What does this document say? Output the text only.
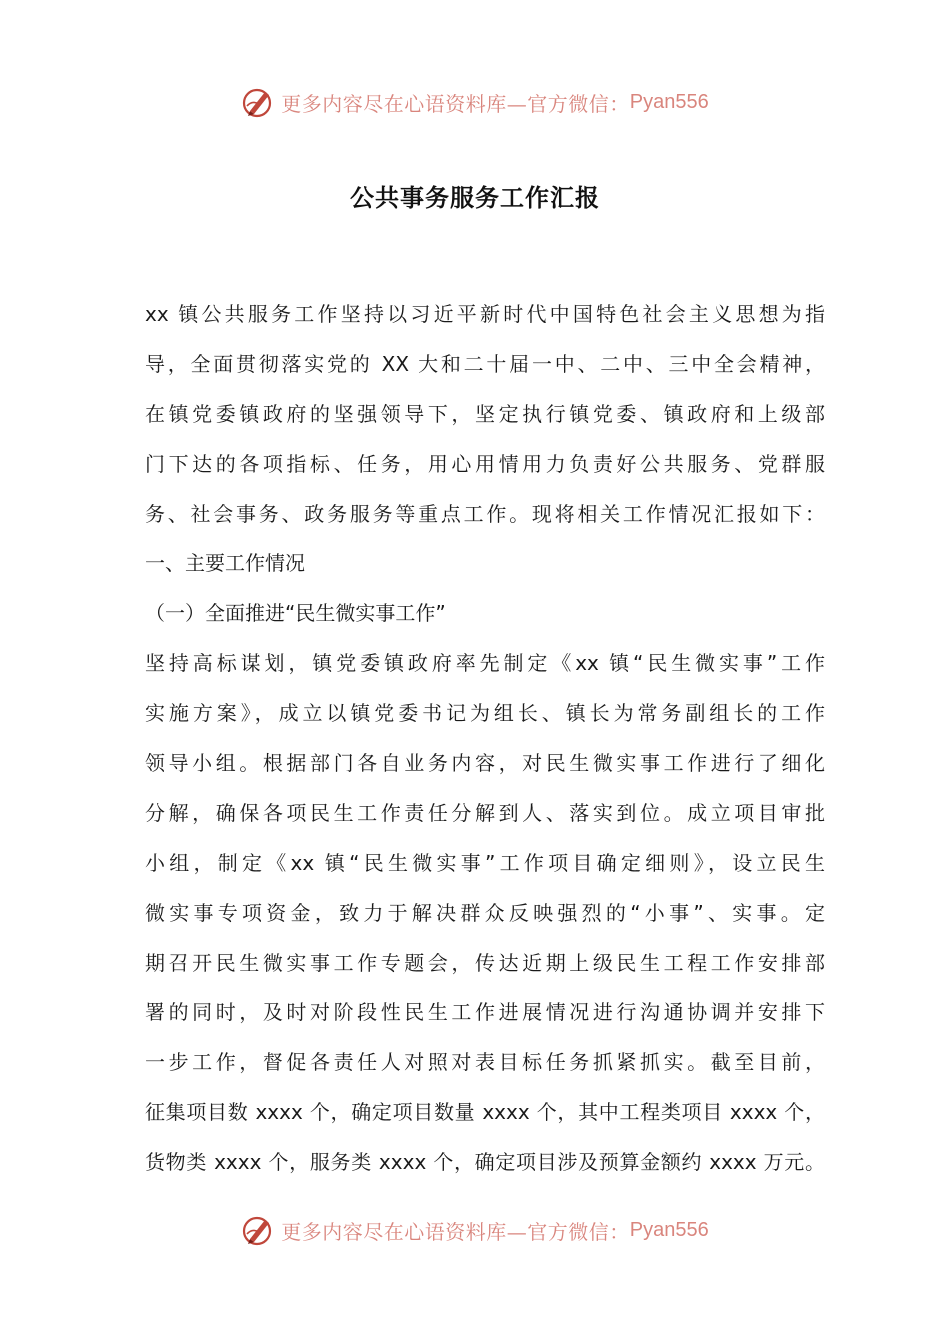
更多内容尽在心语资料库—官方微信： Pyan556
公共事务服务工作汇报
xx 镇公共服务工作坚持以习近平新时代中国特色社会主义思想为指
导，全面贯彻落实党的 XX 大和二十届一中、二中、三中全会精神，
在镇党委镇政府的坚强领导下，坚定执行镇党委、镇政府和上级部
门下达的各项指标、任务，用心用情用力负责好公共服务、党群服
务、社会事务、政务服务等重点工作。现将相关工作情况汇报如下：
一、主要工作情况
（一）全面推进“民生微实事工作”
坚持高标谋划，镇党委镇政府率先制定《xx 镇“民生微实事”工作
实施方案》，成立以镇党委书记为组长、镇长为常务副组长的工作
领导小组。根据部门各自业务内容，对民生微实事工作进行了细化
分解，确保各项民生工作责任分解到人、落实到位。成立项目审批
小组，制定《xx 镇“民生微实事”工作项目确定细则》，设立民生
微实事专项资金，致力于解决群众反映强烈的“小事”、实事。定
期召开民生微实事工作专题会，传达近期上级民生工程工作安排部
署的同时，及时对阶段性民生工作进展情况进行沟通协调并安排下
一步工作，督促各责任人对照对表目标任务抓紧抓实。截至目前，
征集项目数 xxxx 个，确定项目数量 xxxx 个，其中工程类项目 xxxx 个，
货物类 xxxx 个，服务类 xxxx 个，确定项目涉及预算金额约 xxxx 万元。
更多内容尽在心语资料库—官方微信： Pyan556
